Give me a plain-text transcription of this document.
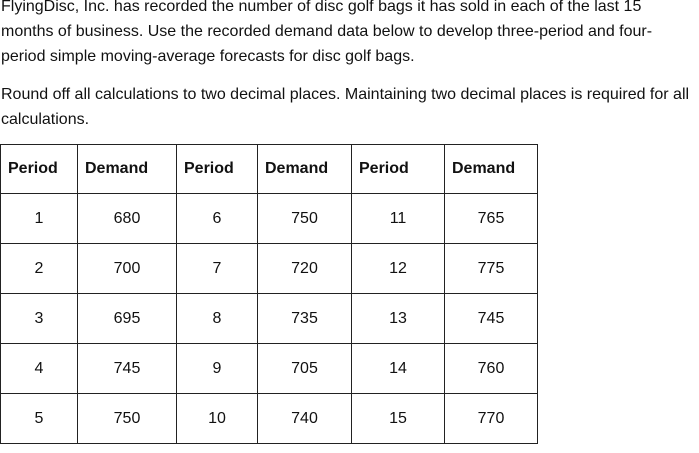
FlyingDisc, Inc. has recorded the number of disc golf bags it has sold in each of the last 15 months of business. Use the recorded demand data below to develop three-period and four-period simple moving-average forecasts for disc golf bags.

Round off all calculations to two decimal places. Maintaining two decimal places is required for all calculations.

Period	Demand	Period	Demand	Period	Demand
1	680	6	750	11	765
2	700	7	720	12	775
3	695	8	735	13	745
4	745	9	705	14	760
5	750	10	740	15	770
